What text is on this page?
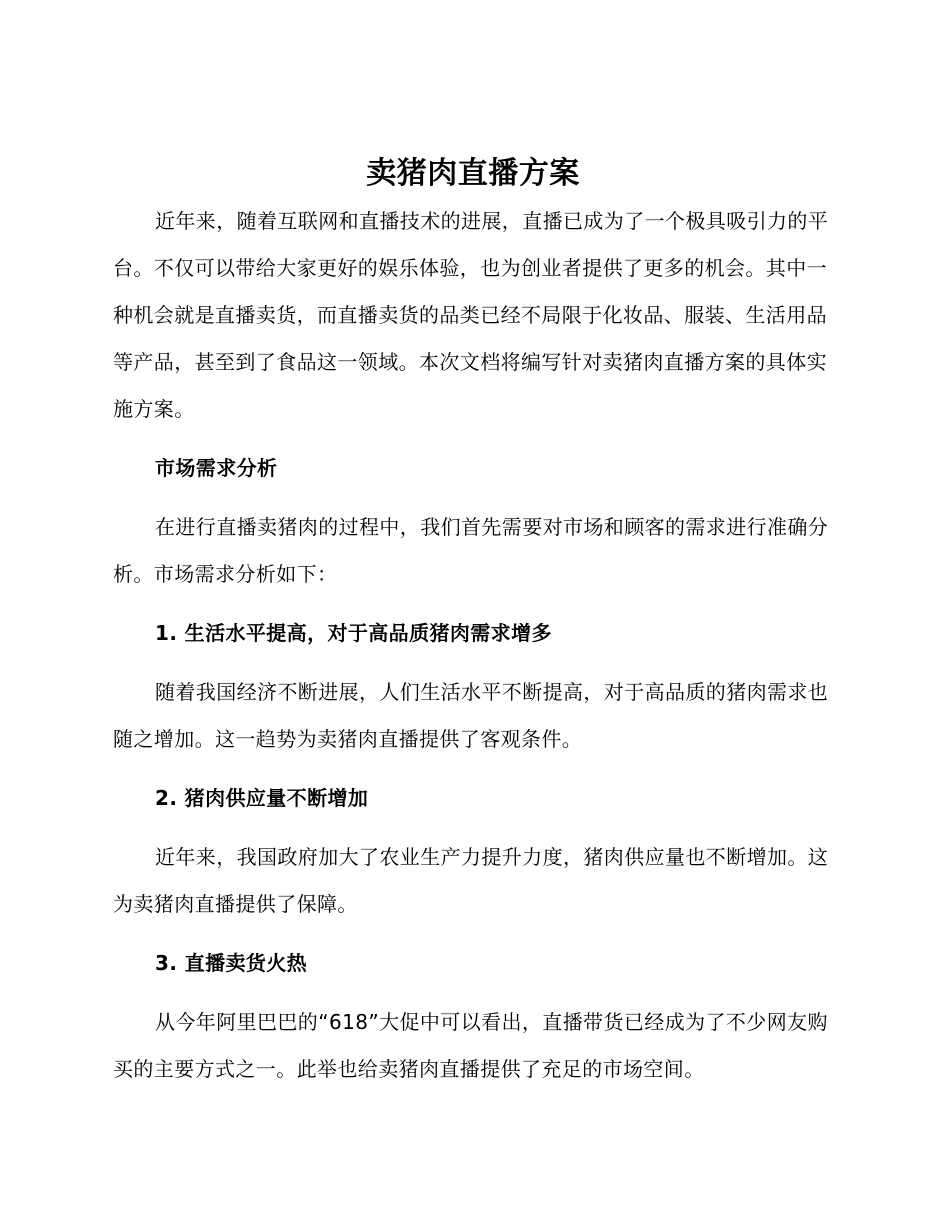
卖猪肉直播方案

近年来，随着互联网和直播技术的进展，直播已成为了一个极具吸引力的平台。不仅可以带给大家更好的娱乐体验，也为创业者提供了更多的机会。其中一种机会就是直播卖货，而直播卖货的品类已经不局限于化妆品、服装、生活用品等产品，甚至到了食品这一领域。本次文档将编写针对卖猪肉直播方案的具体实施方案。

市场需求分析

在进行直播卖猪肉的过程中，我们首先需要对市场和顾客的需求进行准确分析。市场需求分析如下：

1. 生活水平提高，对于高品质猪肉需求增多

随着我国经济不断进展，人们生活水平不断提高，对于高品质的猪肉需求也随之增加。这一趋势为卖猪肉直播提供了客观条件。

2. 猪肉供应量不断增加

近年来，我国政府加大了农业生产力提升力度，猪肉供应量也不断增加。这为卖猪肉直播提供了保障。

3. 直播卖货火热

从今年阿里巴巴的“618”大促中可以看出，直播带货已经成为了不少网友购买的主要方式之一。此举也给卖猪肉直播提供了充足的市场空间。
